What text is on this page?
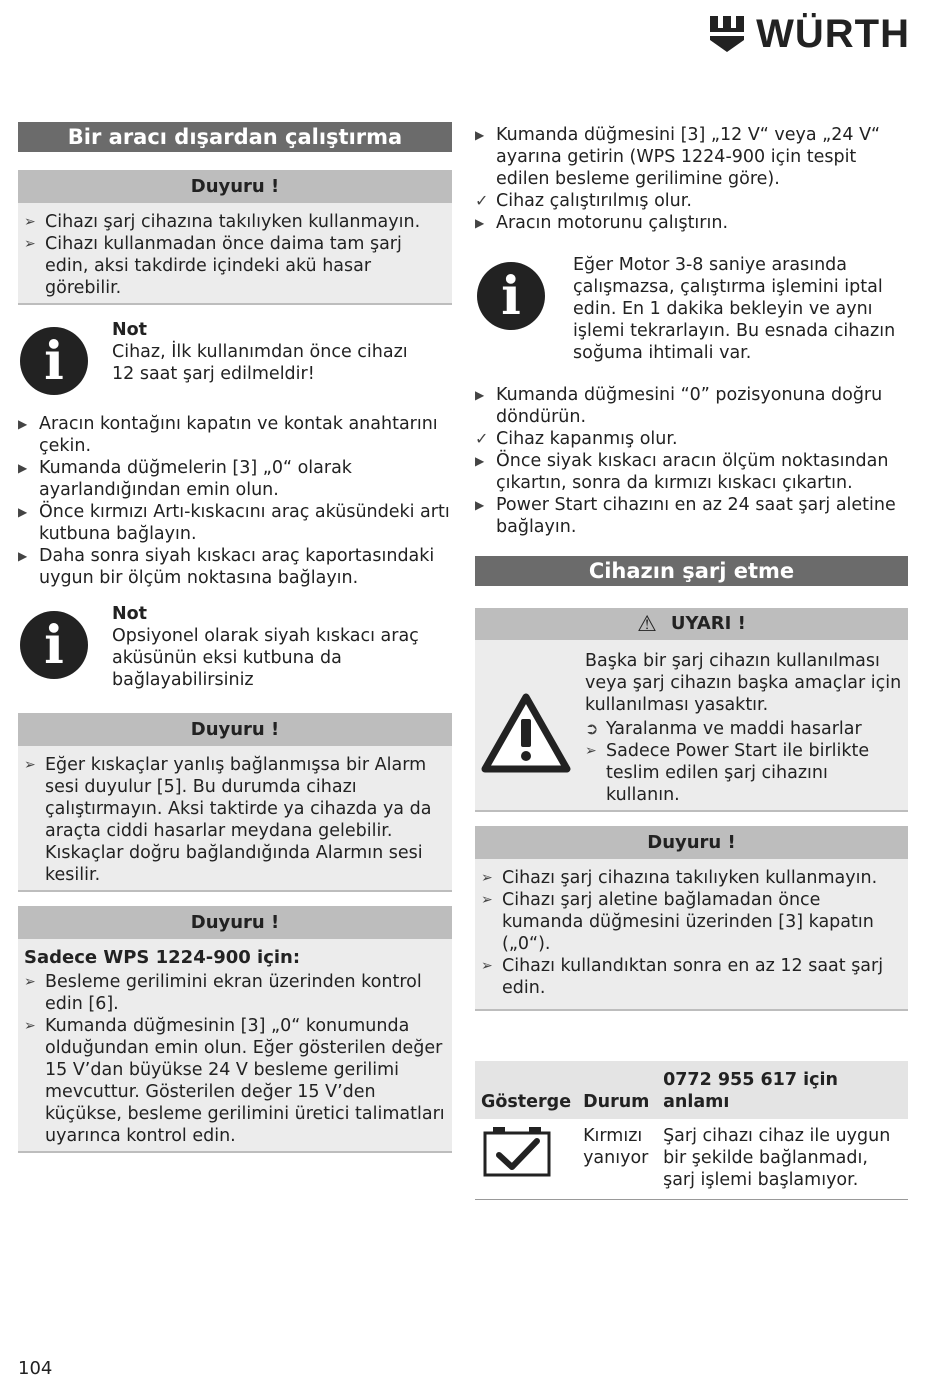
WÜRTH
Bir aracı dışardan çalıştırma
Duyuru !
➢ Cihazı şarj cihazına takılıyken kullanmayın.
➢ Cihazı kullanmadan önce daima tam şarj edin, aksi takdirde içindeki akü hasar görebilir.
i
Not
Cihaz, İlk kullanımdan önce cihazı 12 saat şarj edilmeldir!
▶ Aracın kontağını kapatın ve kontak anahtarını çekin.
▶ Kumanda düğmelerin [3] „0“ olarak ayarlandığından emin olun.
▶ Önce kırmızı Artı-kıskacını araç aküsündeki artı kutbuna bağlayın.
▶ Daha sonra siyah kıskacı araç kaportasındaki uygun bir ölçüm noktasına bağlayın.
i
Not
Opsiyonel olarak siyah kıskacı araç aküsünün eksi kutbuna da bağlayabilirsiniz
Duyuru !
➢ Eğer kıskaçlar yanlış bağlanmışsa bir Alarm sesi duyulur [5]. Bu durumda cihazı çalıştırmayın. Aksi taktirde ya cihazda ya da araçta ciddi hasarlar meydana gelebilir. Kıskaçlar doğru bağlandığında Alarmın sesi kesilir.
Duyuru !
Sadece WPS 1224-900 için:
➢ Besleme gerilimini ekran üzerinden kontrol edin [6].
➢ Kumanda düğmesinin [3] „0“ konumunda olduğundan emin olun. Eğer gösterilen değer 15 V’dan büyükse 24 V besleme gerilimi mevcuttur. Gösterilen değer 15 V’den küçükse, besleme gerilimini üretici talimatları uyarınca kontrol edin.
▶ Kumanda düğmesini [3] „12 V“ veya „24 V“ ayarına getirin (WPS 1224-900 için tespit edilen besleme gerilimine göre).
✓ Cihaz çalıştırılmış olur.
▶ Aracın motorunu çalıştırın.
i
Eğer Motor 3-8 saniye arasında çalışmazsa, çalıştırma işlemini iptal edin. En 1 dakika bekleyin ve aynı işlemi tekrarlayın. Bu esnada cihazın soğuma ihtimali var.
▶ Kumanda düğmesini “0” pozisyonuna doğru döndürün.
✓ Cihaz kapanmış olur.
▶ Önce siyak kıskacı aracın ölçüm noktasından çıkartın, sonra da kırmızı kıskacı çıkartın.
▶ Power Start cihazını en az 24 saat şarj aletine bağlayın.
Cihazın şarj etme
⚠ UYARI !
Başka bir şarj cihazın kullanılması veya şarj cihazın başka amaçlar için kullanılması yasaktır.
➲ Yaralanma ve maddi hasarlar
➢ Sadece Power Start ile birlikte teslim edilen şarj cihazını kullanın.
Duyuru !
➢ Cihazı şarj cihazına takılıyken kullanmayın.
➢ Cihazı şarj aletine bağlamadan önce kumanda düğmesini üzerinden [3] kapatın („0“).
➢ Cihazı kullandıktan sonra en az 12 saat şarj edin.
Gösterge	Durum	0772 955 617 için anlamı
	Kırmızı yanıyor	Şarj cihazı cihaz ile uygun bir şekilde bağlanmadı, şarj işlemi başlamıyor.
104
